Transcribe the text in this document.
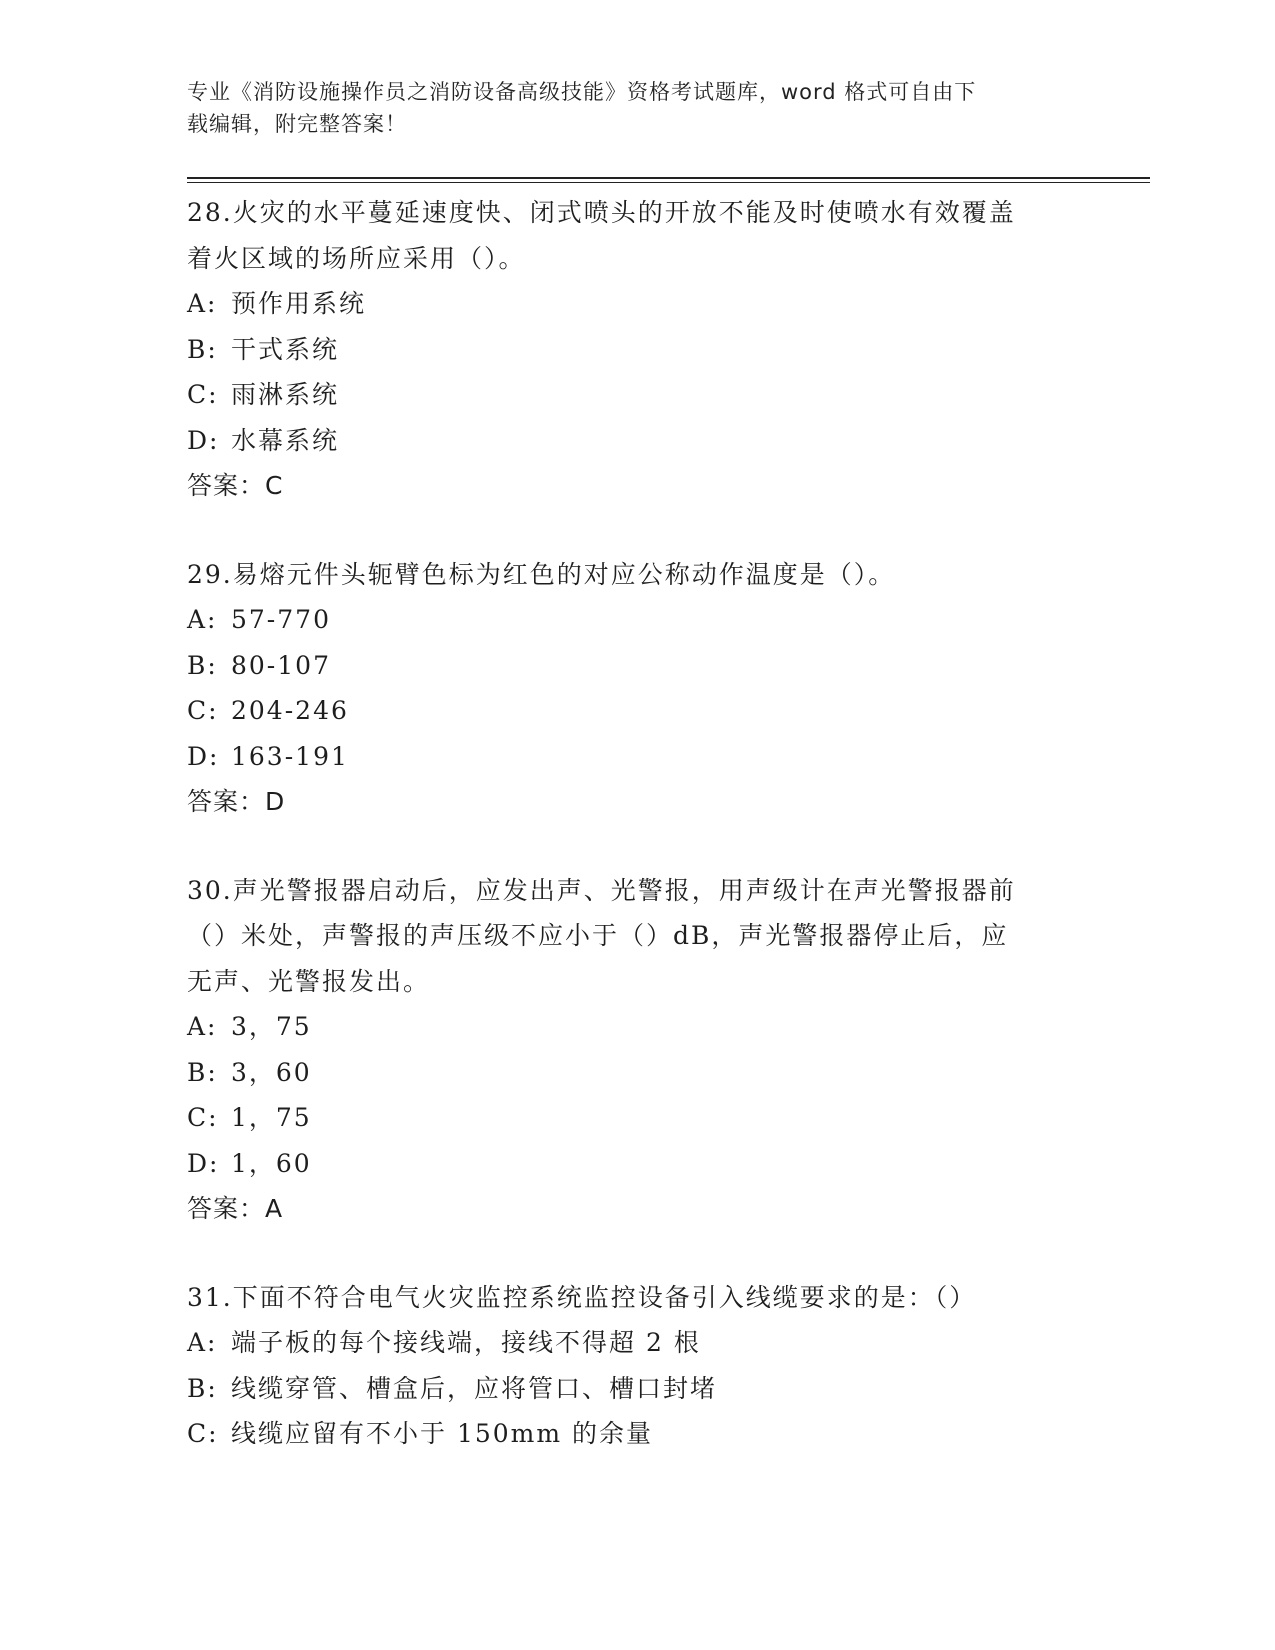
专业《消防设施操作员之消防设备高级技能》资格考试题库，word 格式可自由下
载编辑，附完整答案！

28.火灾的水平蔓延速度快、闭式喷头的开放不能及时使喷水有效覆盖

着火区域的场所应采用（）。

A: 预作用系统

B: 干式系统

C: 雨淋系统

D: 水幕系统

答案：C

29.易熔元件头轭臂色标为红色的对应公称动作温度是（）。

A: 57-770

B: 80-107

C: 204-246

D: 163-191

答案：D

30.声光警报器启动后，应发出声、光警报，用声级计在声光警报器前

（）米处，声警报的声压级不应小于（）dB，声光警报器停止后，应

无声、光警报发出。

A: 3，75

B: 3，60

C: 1，75

D: 1，60

答案：A

31.下面不符合电气火灾监控系统监控设备引入线缆要求的是：（）

A: 端子板的每个接线端，接线不得超 2 根

B: 线缆穿管、槽盒后，应将管口、槽口封堵

C: 线缆应留有不小于 150mm 的余量
